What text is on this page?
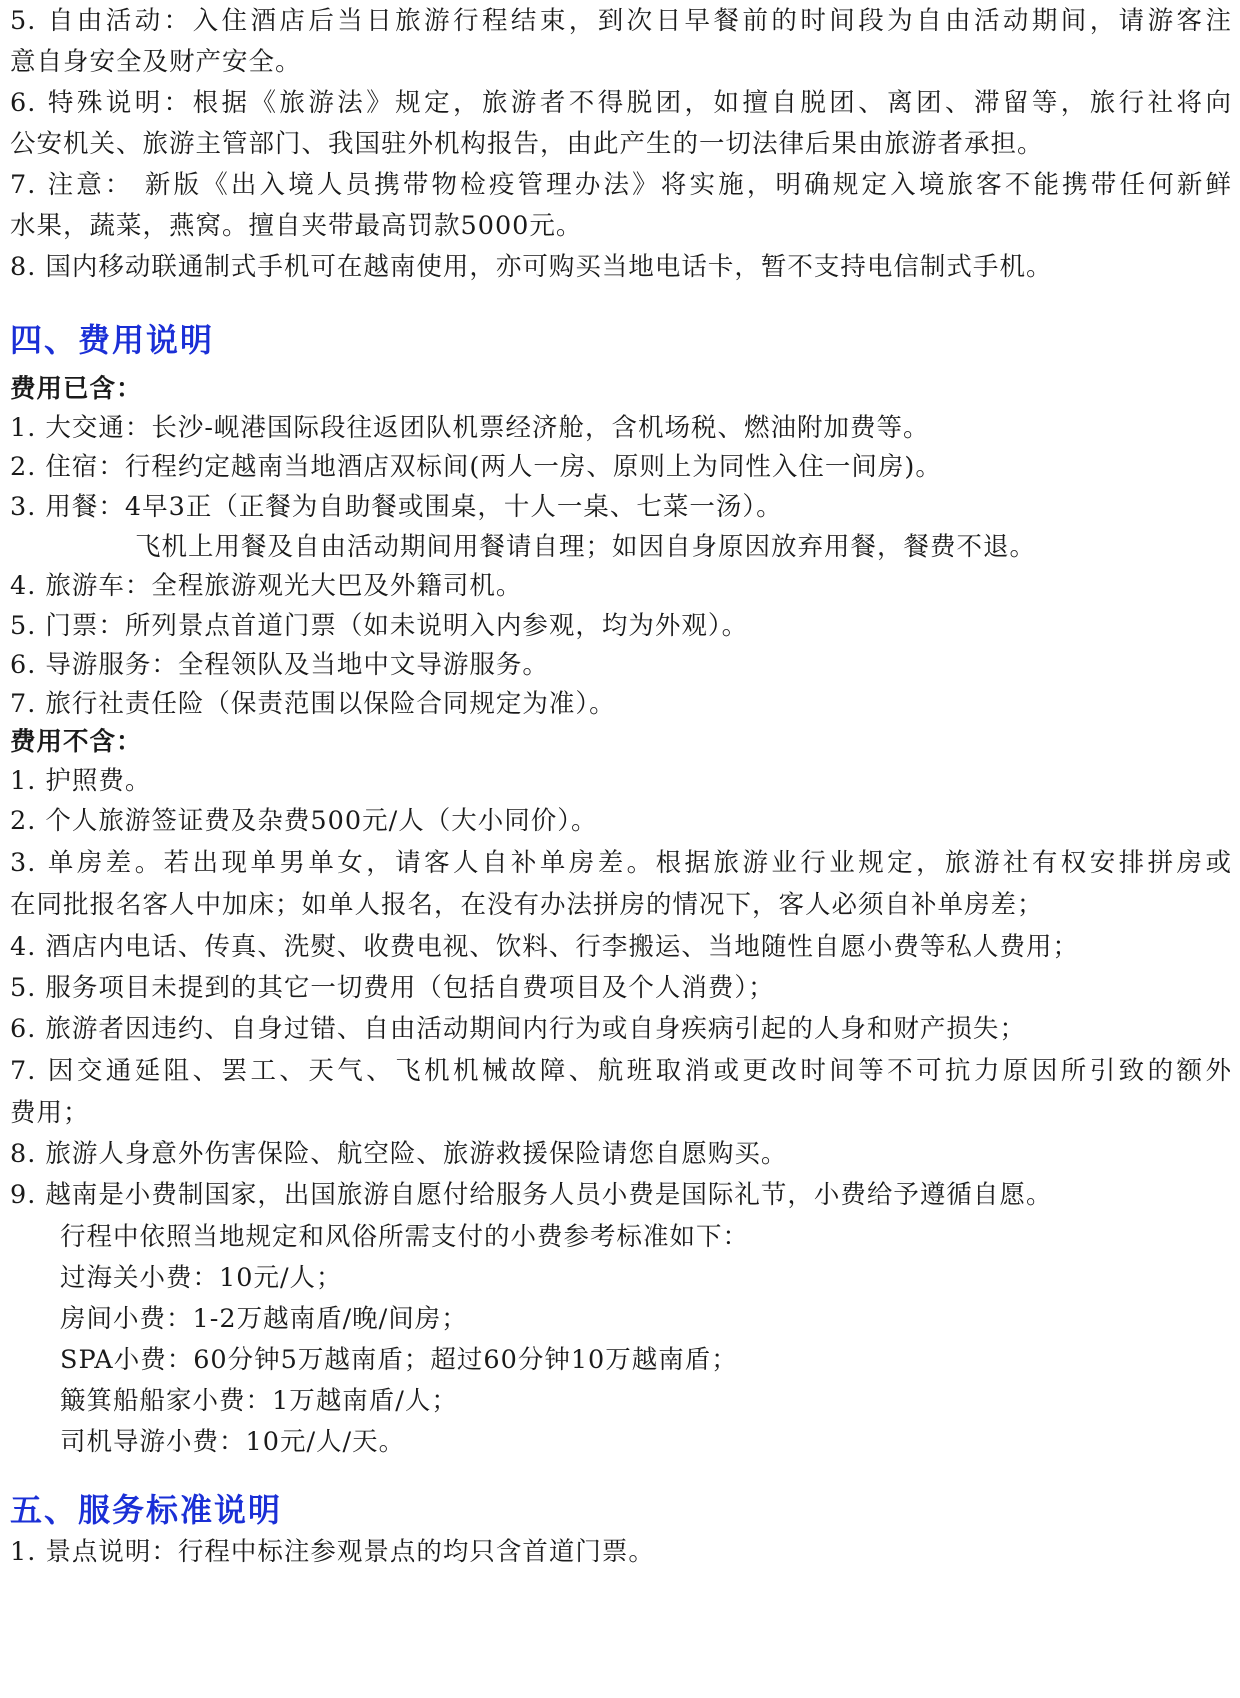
5. 自由活动：入住酒店后当日旅游行程结束，到次日早餐前的时间段为自由活动期间，请游客注
意自身安全及财产安全。
6. 特殊说明：根据《旅游法》规定，旅游者不得脱团，如擅自脱团、离团、滞留等，旅行社将向
公安机关、旅游主管部门、我国驻外机构报告，由此产生的一切法律后果由旅游者承担。
7. 注意： 新版《出入境人员携带物检疫管理办法》将实施，明确规定入境旅客不能携带任何新鲜
水果，蔬菜，燕窝。擅自夹带最高罚款5000元。
8. 国内移动联通制式手机可在越南使用，亦可购买当地电话卡，暂不支持电信制式手机。
四、费用说明
费用已含：
1. 大交通：长沙-岘港国际段往返团队机票经济舱，含机场税、燃油附加费等。
2. 住宿：行程约定越南当地酒店双标间(两人一房、原则上为同性入住一间房)。
3. 用餐：4早3正（正餐为自助餐或围桌，十人一桌、七菜一汤）。
飞机上用餐及自由活动期间用餐请自理；如因自身原因放弃用餐，餐费不退。
4. 旅游车：全程旅游观光大巴及外籍司机。
5. 门票：所列景点首道门票（如未说明入内参观，均为外观）。
6. 导游服务：全程领队及当地中文导游服务。
7. 旅行社责任险（保责范围以保险合同规定为准）。
费用不含：
1. 护照费。
2. 个人旅游签证费及杂费500元/人（大小同价）。
3. 单房差。若出现单男单女，请客人自补单房差。根据旅游业行业规定，旅游社有权安排拼房或
在同批报名客人中加床；如单人报名，在没有办法拼房的情况下，客人必须自补单房差；
4. 酒店内电话、传真、洗熨、收费电视、饮料、行李搬运、当地随性自愿小费等私人费用；
5. 服务项目未提到的其它一切费用（包括自费项目及个人消费）；
6. 旅游者因违约、自身过错、自由活动期间内行为或自身疾病引起的人身和财产损失；
7. 因交通延阻、罢工、天气、飞机机械故障、航班取消或更改时间等不可抗力原因所引致的额外
费用；
8. 旅游人身意外伤害保险、航空险、旅游救援保险请您自愿购买。
9. 越南是小费制国家，出国旅游自愿付给服务人员小费是国际礼节，小费给予遵循自愿。
行程中依照当地规定和风俗所需支付的小费参考标准如下：
过海关小费：10元/人；
房间小费：1-2万越南盾/晚/间房；
SPA小费：60分钟5万越南盾；超过60分钟10万越南盾；
簸箕船船家小费：1万越南盾/人；
司机导游小费：10元/人/天。
五、服务标准说明
1. 景点说明：行程中标注参观景点的均只含首道门票。
